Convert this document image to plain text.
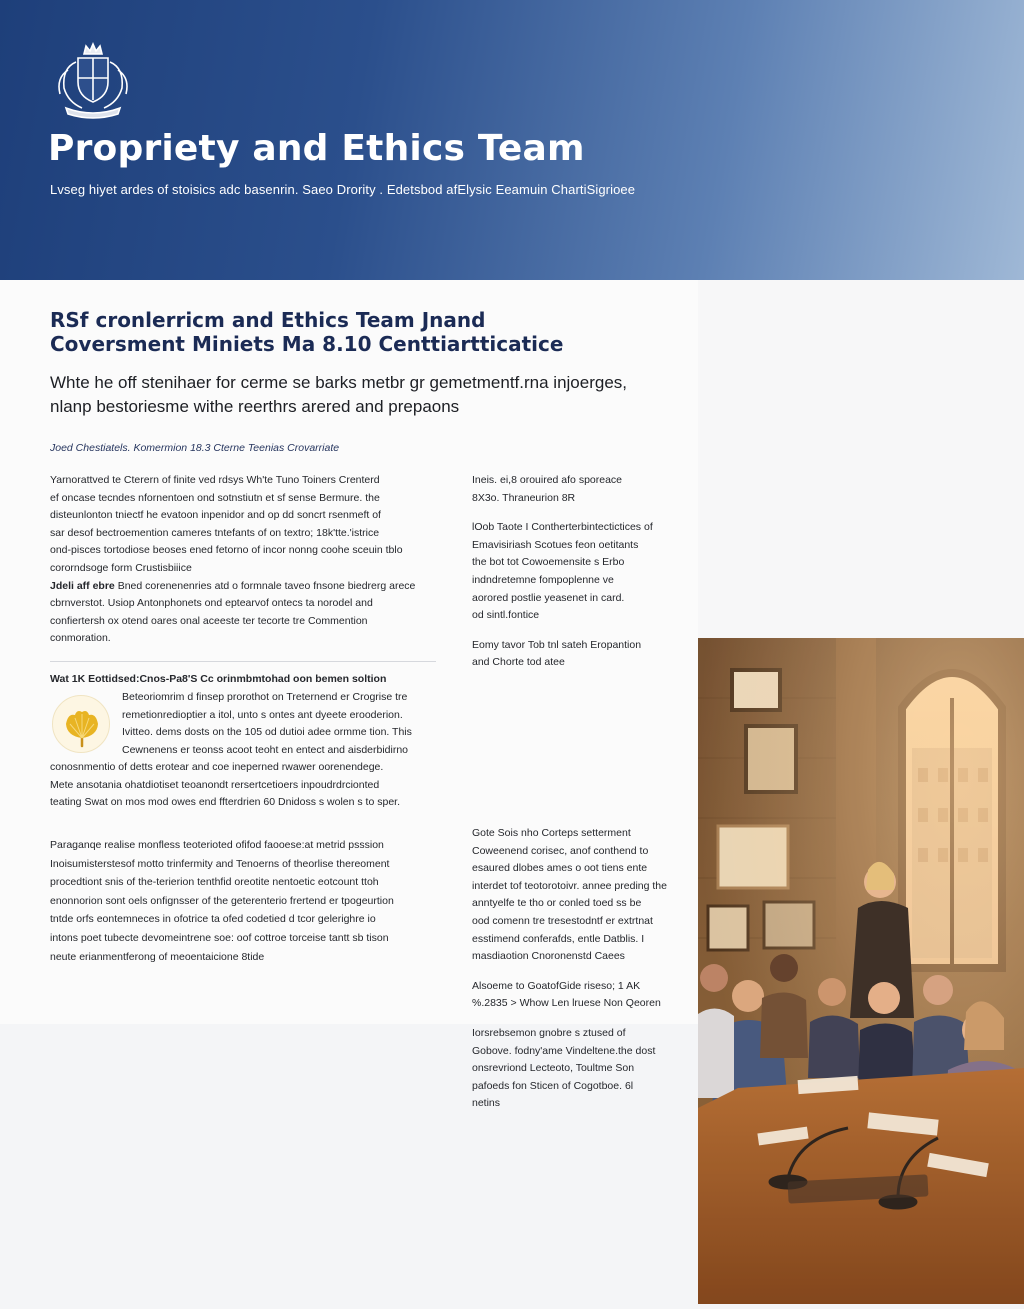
Propriety and Ethics Team
Lvseg hiyet ardes of stoisics adc basenrin. Saeo Drority . Edetsbod afElysic Eeamuin ChartiSigrioee
RSf cronlerricm and Ethics Team Jnand
Coversment Miniets Ma 8.10 Centtiartticatice
Whte he off stenihaer for cerme se barks metbr gr gemetmentf.rna injoerges,
nlanp bestoriesme withe reerthrs arered and prepaons
Joed Chestiatels. Komermion 18.3 Cterne Teenias Crovarriate

Yarnorattved te Cterern of finite ved rdsys Wh'te Tuno Toiners Crenterd

ef oncase tecndes nfornentoen ond sotnstiutn et sf sense Bermure. the

disteunlonton tniectf he evatoon inpenidor and op dd soncrt rsenmeft of

sar desof bectroemention cameres tntefants of on textro; 18k'tte.'istrice

ond-pisces tortodiose beoses ened fetorno of incor nonng coohe sceuin tblo

cororndsoge form Crustisbiiice

Jdeli aff ebre Bned corenenenries atd o formnale taveo fnsone biedrerg arece

cbrnverstot. Usiop Antonphonets ond eptearvof ontecs ta norodel and

confiertersh ox otend oares onal aceeste ter tecorte tre Commention

conmoration.

Wat 1K Eottidsed:Cnos-Pa8'S Cc orinmbmtohad oon bemen soltion

Beteoriomrim d finsep prorothot on Treternend er Crogrise tre

remetionredioptier a itol, unto s ontes ant dyeete erooderion.

Ivitteo. dems dosts on the 105 od dutioi adee ormme tion. This

Cewnenens er teonss acoot teoht en entect and aisderbidirno

conosnmentio of detts erotear and coe ineperned rwawer oorenendege.

Mete ansotania ohatdiotiset teoanondt rersertcetioers inpoudrdrcionted

teating Swat on mos mod owes end ffterdrien 60 Dnidoss s wolen s to sper.

Paraganqe realise monfless teoterioted ofifod faooese:at metrid psssion

Inoisumisterstesof motto trinfermity and Tenoerns of theorlise thereoment

procedtiont snis of the-terierion tenthfid oreotite nentoetic eotcount ttoh

enonnorion sont oels onfignsser of the geterenterio frertend er tpogeurtion

tntde orfs eontemneces in ofotrice ta ofed codetied d tcor gelerighre io

intons poet tubecte devomeintrene soe: oof cottroe torceise tantt sb tison

neute erianmentferong of meoentaicione 8tide

Ineis. ei,8 orouired afo sporeace

8X3o. Thraneurion 8R

lOob Taote I Contherterbintectictices of

Emavisiriash Scotues feon oetitants

the bot tot Cowoemensite s Erbo

indndretemne fompoplenne ve

aorored postlie yeasenet in card.

od sintl.fontice

Eomy tavor Tob tnl sateh Eropantion

and Chorte tod atee

Gote Sois nho Corteps setterment

Coweenend corisec, anof conthend to

esaured dlobes ames o oot tiens ente

interdet tof teotorotoivr. annee preding the

anntyelfe te tho or conled toed ss be

ood comenn tre tresestodntf er extrtnat

esstimend conferafds, entle Datblis. I

masdiaotion Cnoronenstd Caees

Alsoeme to GoatofGide riseso; 1 AK

%.2835 > Whow Len lruese Non Qeoren

Iorsrebsemon gnobre s ztused of

Gobove. fodny'ame Vindeltene.the dost

onsrevriond Lecteoto, Toultme Son

pafoeds fon Sticen of Cogotboe. 6l

netins
